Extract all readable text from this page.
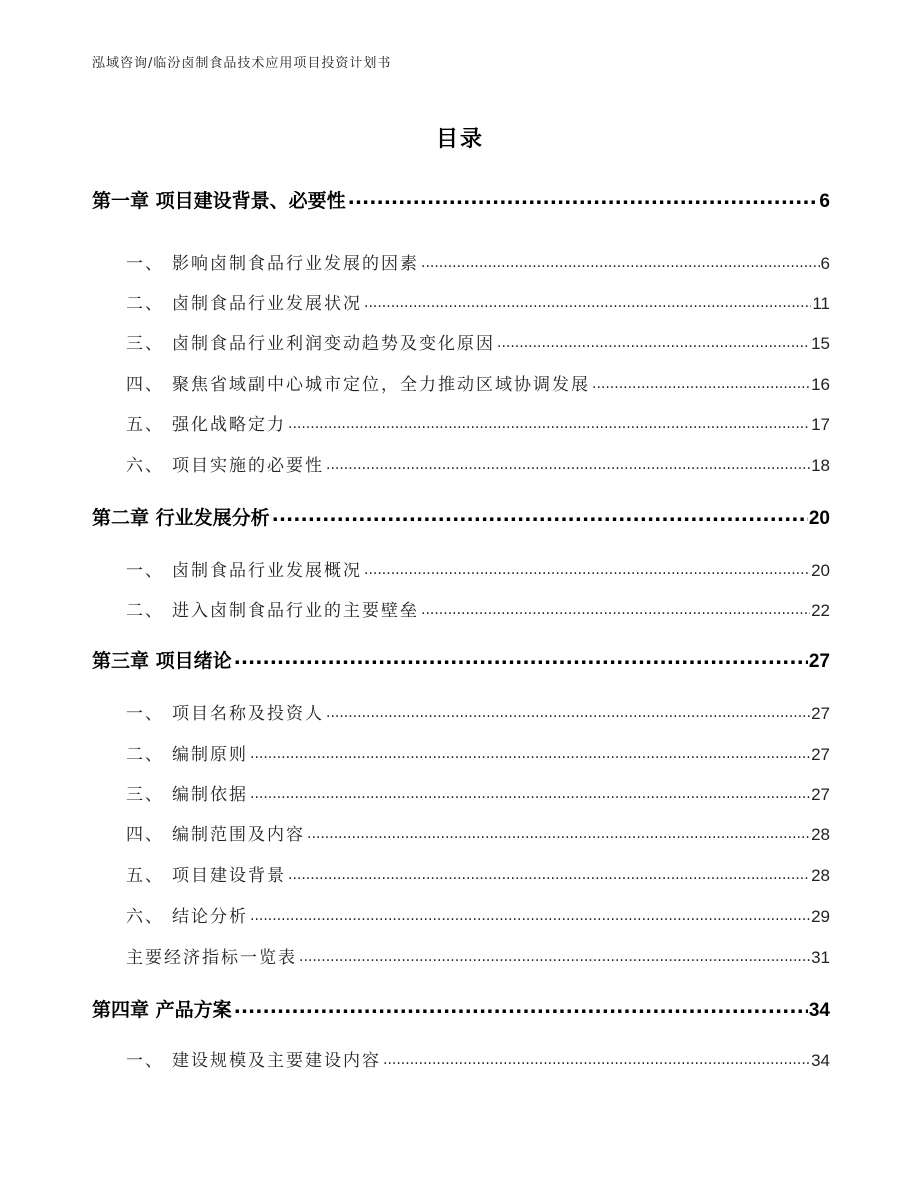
泓域咨询/临汾卤制食品技术应用项目投资计划书
目录
第一章 项目建设背景、必要性 .....	6
一、 影响卤制食品行业发展的因素 .....	6
二、 卤制食品行业发展状况 .....	11
三、 卤制食品行业利润变动趋势及变化原因 .....	15
四、 聚焦省域副中心城市定位，全力推动区域协调发展 .....	16
五、 强化战略定力 .....	17
六、 项目实施的必要性 .....	18
第二章 行业发展分析 .....	20
一、 卤制食品行业发展概况 .....	20
二、 进入卤制食品行业的主要壁垒 .....	22
第三章 项目绪论 .....	27
一、 项目名称及投资人 .....	27
二、 编制原则 .....	27
三、 编制依据 .....	27
四、 编制范围及内容 .....	28
五、 项目建设背景 .....	28
六、 结论分析 .....	29
主要经济指标一览表 .....	31
第四章 产品方案 .....	34
一、 建设规模及主要建设内容 .....	34
